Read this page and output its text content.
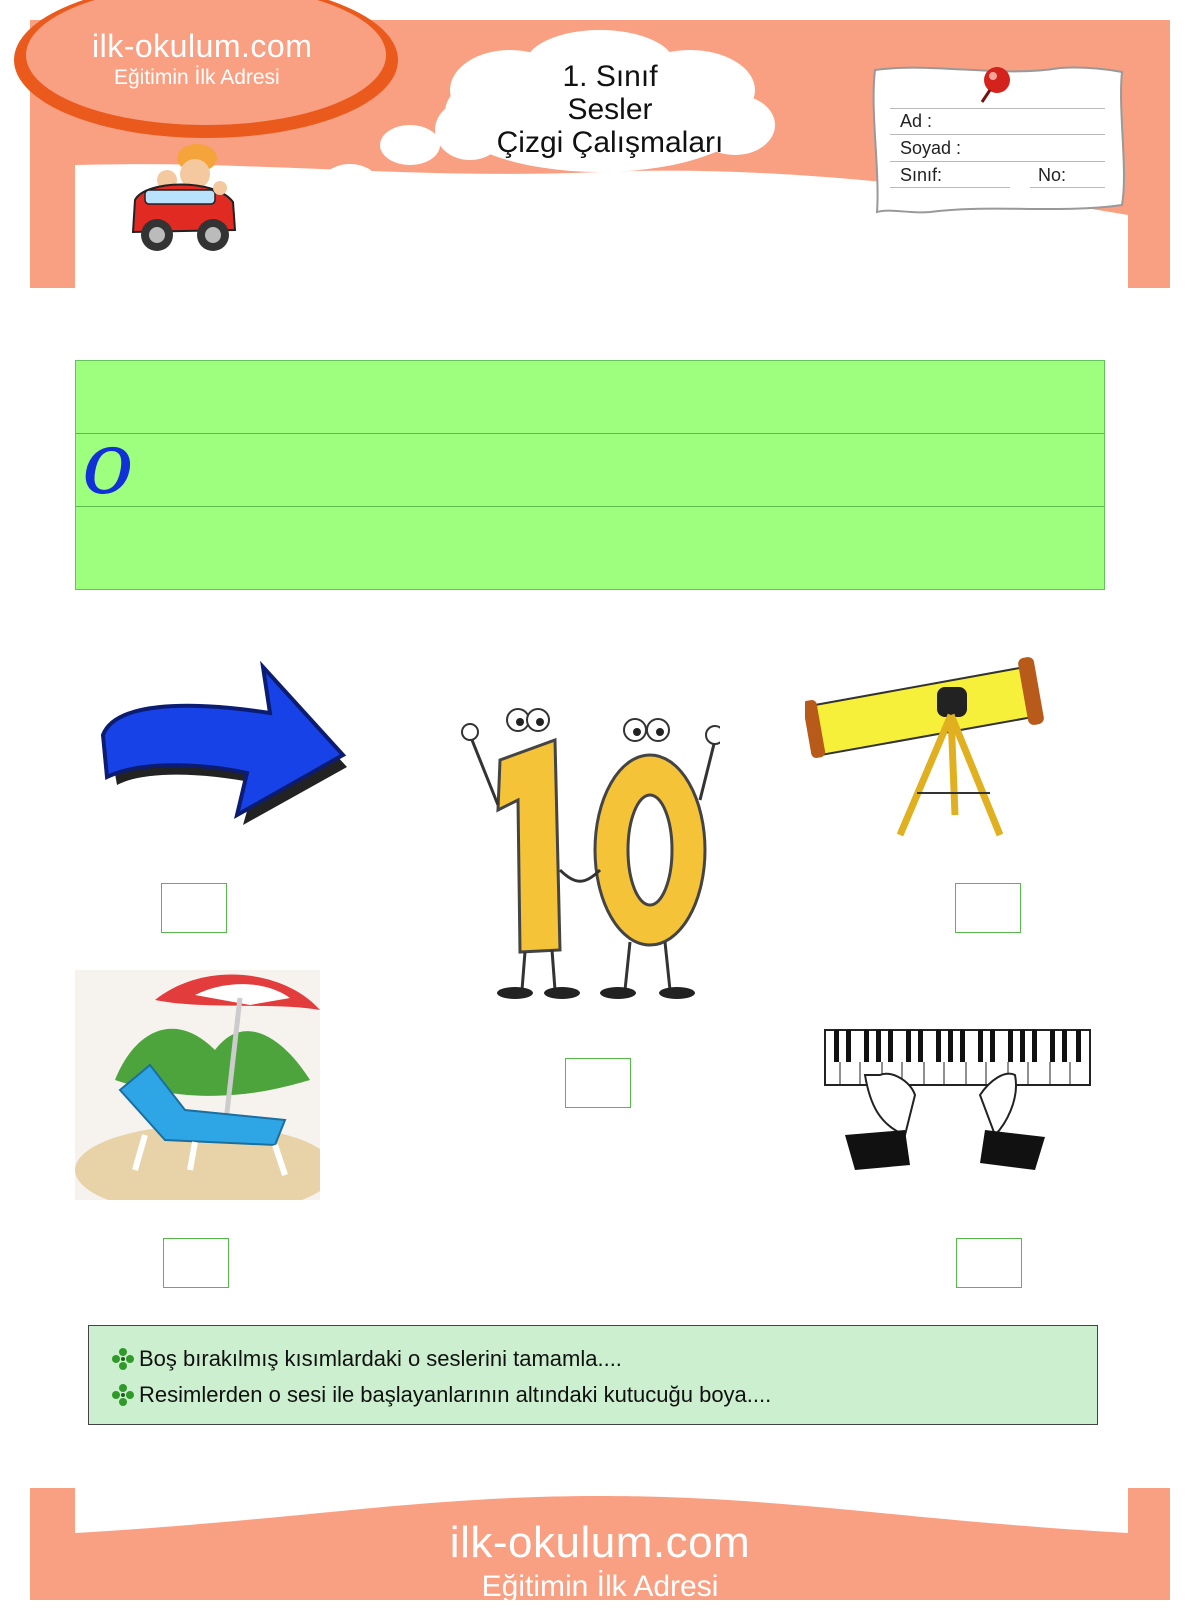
ilk-okulum.com
Eğitimin İlk Adresi	1. Sınıf
Sesler
Çizgi Çalışmaları
Ad :
Soyad :
Sınıf:	No:
o
Boş bırakılmış kısımlardaki o seslerini tamamla....
Resimlerden o sesi ile başlayanlarının altındaki kutucuğu boya....
ilk-okulum.com
Eğitimin İlk Adresi
